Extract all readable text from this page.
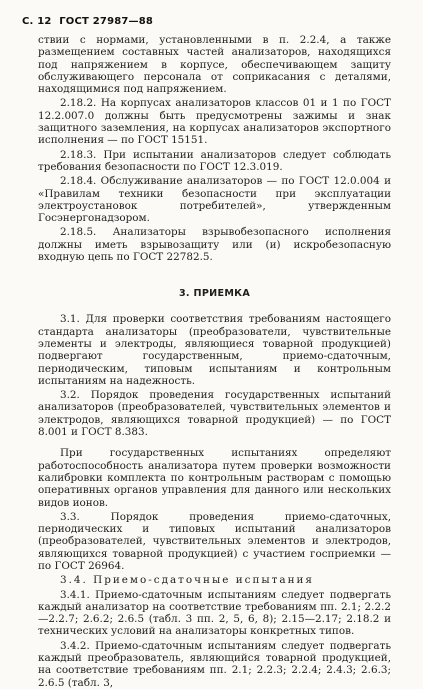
С. 12 ГОСТ 27987—88

ствии с нормами, установленными в п. 2.2.4, а также размещением составных частей анализаторов, находящихся под напряжением в корпусе, обеспечивающем защиту обслуживающего персонала от соприкасания с деталями, находящимися под напряжением.

2.18.2. На корпусах анализаторов классов 01 и 1 по ГОСТ 12.2.007.0 должны быть предусмотрены зажимы и знак защитного заземления, на корпусах анализаторов экспортного исполнения — по ГОСТ 15151.

2.18.3. При испытании анализаторов следует соблюдать требования безопасности по ГОСТ 12.3.019.

2.18.4. Обслуживание анализаторов — по ГОСТ 12.0.004 и «Правилам техники безопасности при эксплуатации электроустановок потребителей», утвержденным Госэнергонадзором.

2.18.5. Анализаторы взрывобезопасного исполнения должны иметь взрывозащиту или (и) искробезопасную входную цепь по ГОСТ 22782.5.

3. ПРИЕМКА

3.1. Для проверки соответствия требованиям настоящего стандарта анализаторы (преобразователи, чувствительные элементы и электроды, являющиеся товарной продукцией) подвергают государственным, приемо-сдаточным, периодическим, типовым испытаниям и контрольным испытаниям на надежность.

3.2. Порядок проведения государственных испытаний анализаторов (преобразователей, чувствительных элементов и электродов, являющихся товарной продукцией) — по ГОСТ 8.001 и ГОСТ 8.383.

При государственных испытаниях определяют работоспособность анализатора путем проверки возможности калибровки комплекта по контрольным растворам с помощью оперативных органов управления для данного или нескольких видов ионов.

3.3. Порядок проведения приемо-сдаточных, периодических и типовых испытаний анализаторов (преобразователей, чувствительных элементов и электродов, являющихся товарной продукцией) с участием госприемки — по ГОСТ 26964.

3.4. Приемо-сдаточные испытания

3.4.1. Приемо-сдаточным испытаниям следует подвергать каждый анализатор на соответствие требованиям пп. 2.1; 2.2.2—2.2.7; 2.6.2; 2.6.5 (табл. 3 пп. 2, 5, 6, 8); 2.15—2.17; 2.18.2 и технических условий на анализаторы конкретных типов.

3.4.2. Приемо-сдаточным испытаниям следует подвергать каждый преобразователь, являющийся товарной продукцией, на соответствие требованиям пп. 2.1; 2.2.3; 2.2.4; 2.4.3; 2.6.3; 2.6.5 (табл. 3,
